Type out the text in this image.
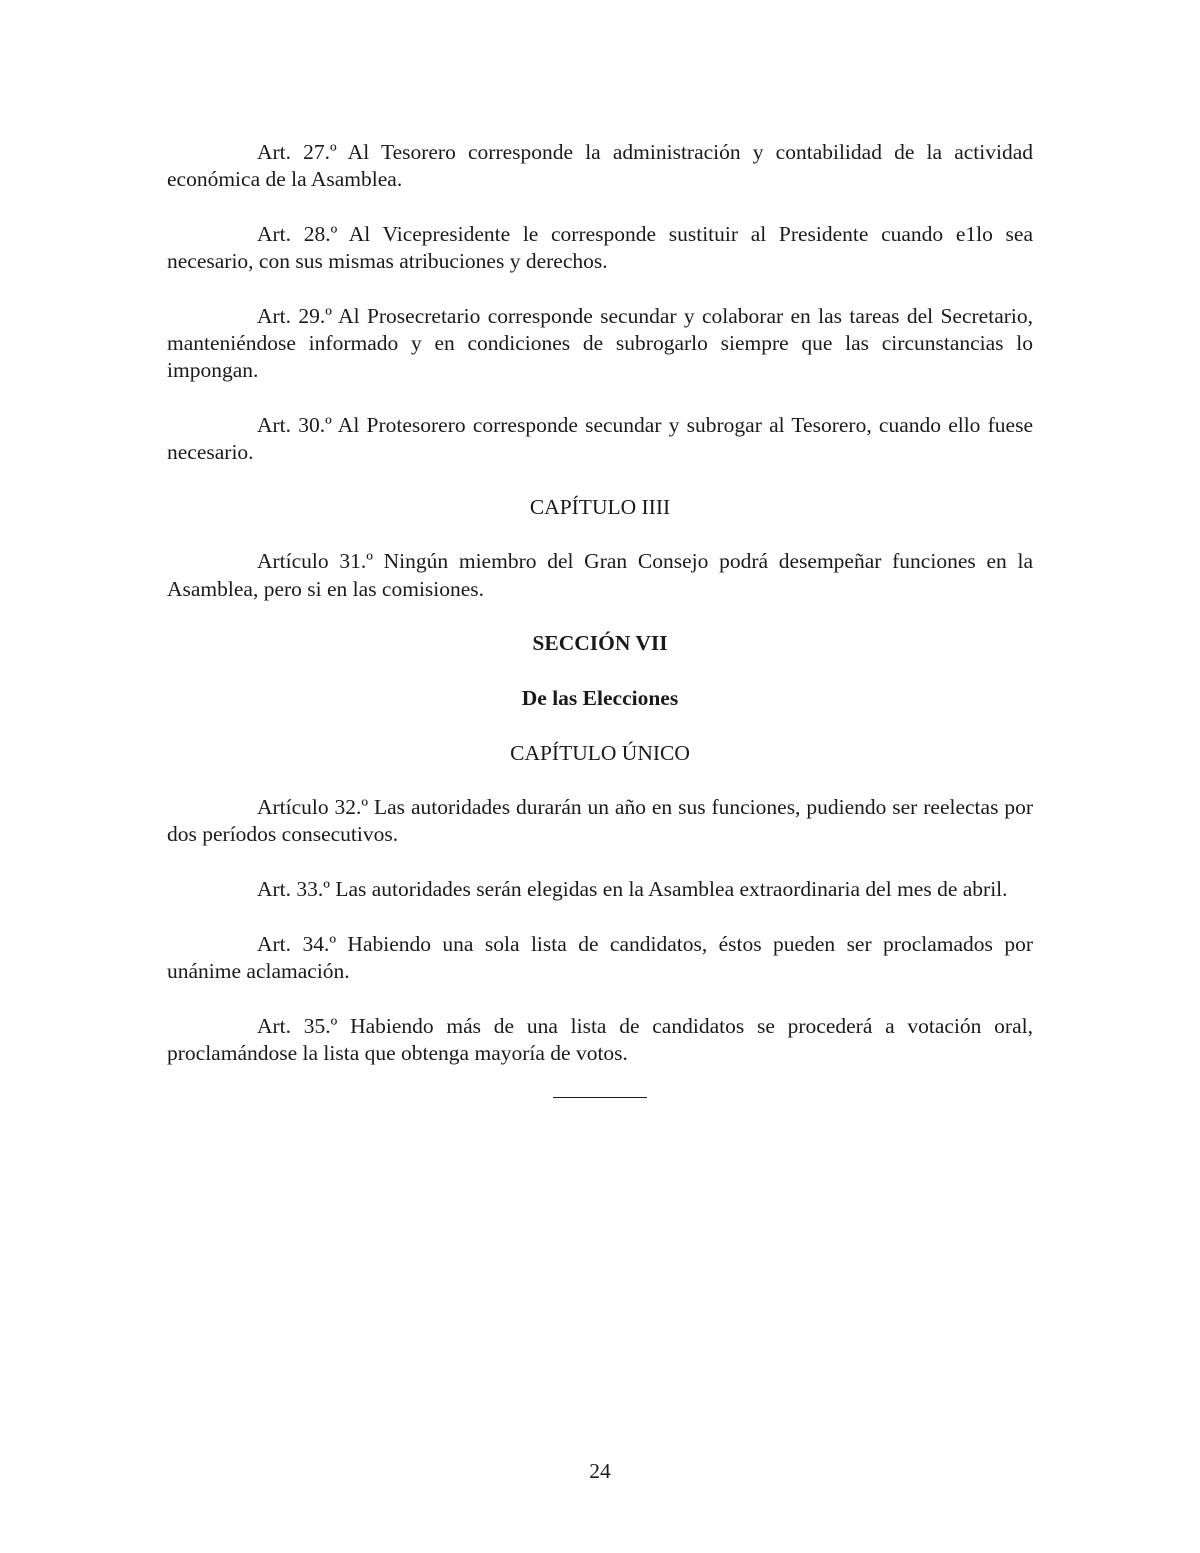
Art. 27.º Al Tesorero corresponde la administración y contabilidad de la actividad económica de la Asamblea.

Art. 28.º Al Vicepresidente le corresponde sustituir al Presidente cuando e1lo sea necesario, con sus mismas atribuciones y derechos.

Art. 29.º Al Prosecretario corresponde secundar y colaborar en las tareas del Secretario, manteniéndose informado y en condiciones de subrogarlo siempre que las circunstancias lo impongan.

Art. 30.º Al Protesorero corresponde secundar y subrogar al Tesorero, cuando ello fuese necesario.

CAPÍTULO IIII

Artículo 31.º Ningún miembro del Gran Consejo podrá desempeñar funciones en la Asamblea, pero si en las comisiones.

SECCIÓN VII

De las Elecciones

CAPÍTULO ÚNICO

Artículo 32.º Las autoridades durarán un año en sus funciones, pudiendo ser reelectas por dos períodos consecutivos.

Art. 33.º Las autoridades serán elegidas en la Asamblea extraordinaria del mes de abril.

Art. 34.º Habiendo una sola lista de candidatos, éstos pueden ser proclamados por unánime aclamación.

Art. 35.º Habiendo más de una lista de candidatos se procederá a votación oral, proclamándose la lista que obtenga mayoría de votos.

24
